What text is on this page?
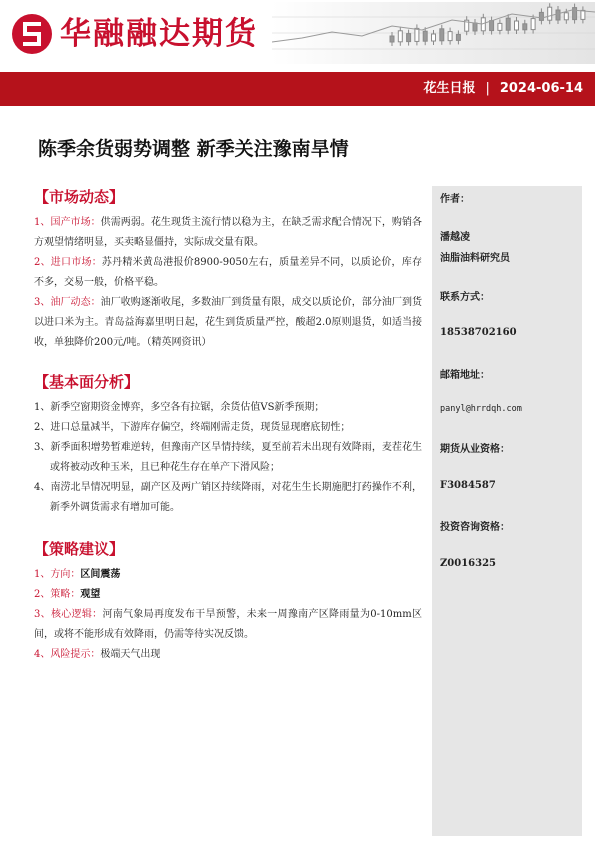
华融融达期货
花生日报 | 2024-06-14
陈季余货弱势调整 新季关注豫南旱情
【市场动态】

1、国产市场：供需两弱。花生现货主流行情以稳为主，在缺乏需求配合情况下，购销各方观望情绪明显，买卖略显僵持，实际成交量有限。

2、进口市场：苏丹精米黄岛港报价8900-9050左右，质量差异不同，以质论价，库存不多，交易一般，价格平稳。

3、油厂动态：油厂收购逐渐收尾，多数油厂到货量有限，成交以质论价，部分油厂到货以进口米为主。青岛益海嘉里明日起，花生到货质量严控，酸超2.0原则退货，如适当接收，单独降价200元/吨。（精英网资讯）

【基本面分析】

1、新季空窗期资金博弈，多空各有拉锯，余货估值VS新季预期；

2、进口总量减半，下游库存偏空，终端刚需走货，现货显现磨底韧性；

3、新季面积增势暂难逆转，但豫南产区旱情持续，夏至前若未出现有效降雨，麦茬花生或将被动改种玉米，且已种花生存在单产下滑风险；

4、南涝北旱情况明显，副产区及两广销区持续降雨，对花生生长期施肥打药操作不利，新季外调货需求有增加可能。

【策略建议】

1、方向：区间震荡

2、策略：观望

3、核心逻辑：河南气象局再度发布干旱预警，未来一周豫南产区降雨量为0-10mm区间，或将不能形成有效降雨，仍需等待实况反馈。

4、风险提示：极端天气出现

作者：
潘越凌
油脂油料研究员
联系方式：
18538702160
邮箱地址：
panyl@hrrdqh.com
期货从业资格：
F3084587
投资咨询资格：
Z0016325
